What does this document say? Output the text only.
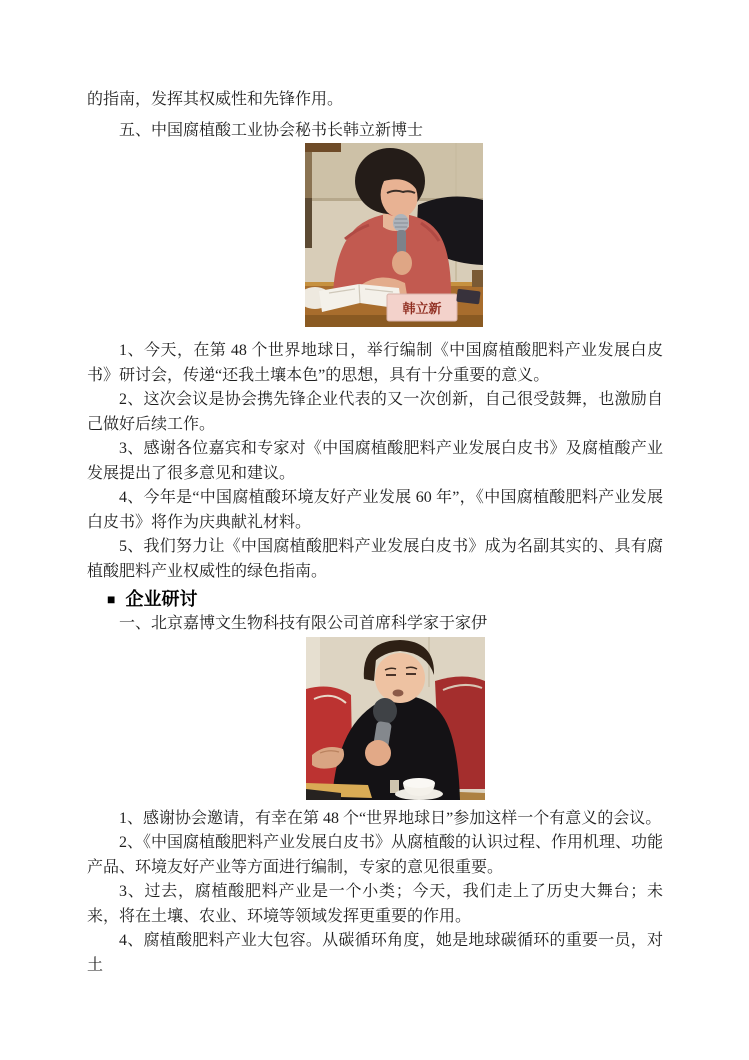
的指南，发挥其权威性和先锋作用。

五、中国腐植酸工业协会秘书长韩立新博士

韩立新

1、今天，在第 48 个世界地球日，举行编制《中国腐植酸肥料产业发展白皮书》研讨会，传递“还我土壤本色”的思想，具有十分重要的意义。

2、这次会议是协会携先锋企业代表的又一次创新，自己很受鼓舞，也激励自己做好后续工作。

3、感谢各位嘉宾和专家对《中国腐植酸肥料产业发展白皮书》及腐植酸产业发展提出了很多意见和建议。

4、今年是“中国腐植酸环境友好产业发展 60 年”，《中国腐植酸肥料产业发展白皮书》将作为庆典献礼材料。

5、我们努力让《中国腐植酸肥料产业发展白皮书》成为名副其实的、具有腐植酸肥料产业权威性的绿色指南。

■ 企业研讨

一、北京嘉博文生物科技有限公司首席科学家于家伊

1、感谢协会邀请，有幸在第 48 个“世界地球日”参加这样一个有意义的会议。

2、《中国腐植酸肥料产业发展白皮书》从腐植酸的认识过程、作用机理、功能产品、环境友好产业等方面进行编制，专家的意见很重要。

3、过去，腐植酸肥料产业是一个小类；今天，我们走上了历史大舞台；未来，将在土壤、农业、环境等领域发挥更重要的作用。

4、腐植酸肥料产业大包容。从碳循环角度，她是地球碳循环的重要一员，对土
